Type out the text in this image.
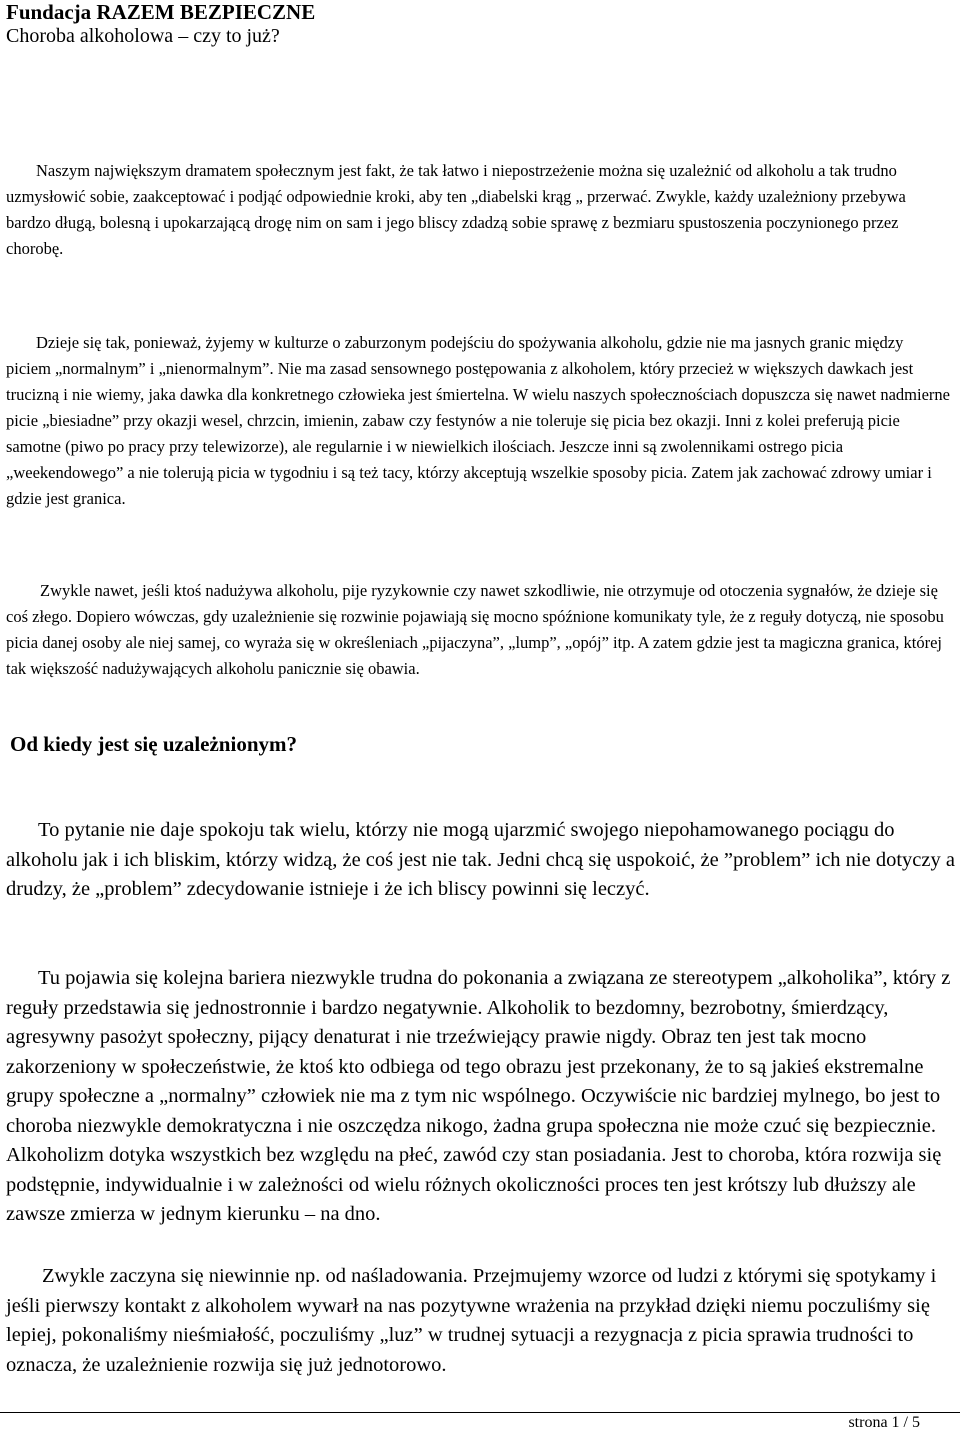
Fundacja RAZEM BEZPIECZNE

Choroba alkoholowa – czy to już?

Naszym największym dramatem społecznym jest fakt, że tak łatwo i niepostrzeżenie można się uzależnić od alkoholu a tak trudno uzmysłowić sobie, zaakceptować i podjąć odpowiednie kroki, aby ten „diabelski krąg „ przerwać. Zwykle, każdy uzależniony przebywa bardzo długą, bolesną i upokarzającą drogę nim on sam i jego bliscy zdadzą sobie sprawę z bezmiaru spustoszenia poczynionego przez chorobę.

Dzieje się tak, ponieważ, żyjemy w kulturze o zaburzonym podejściu do spożywania alkoholu, gdzie nie ma jasnych granic między piciem „normalnym” i „nienormalnym”. Nie ma zasad sensownego postępowania z alkoholem, który przecież w większych dawkach jest trucizną i nie wiemy, jaka dawka dla konkretnego człowieka jest śmiertelna. W wielu naszych społecznościach dopuszcza się nawet nadmierne picie „biesiadne” przy okazji wesel, chrzcin, imienin, zabaw czy festynów a nie toleruje się picia bez okazji. Inni z kolei preferują picie samotne (piwo po pracy przy telewizorze), ale regularnie i w niewielkich ilościach. Jeszcze inni są zwolennikami ostrego picia „weekendowego” a nie tolerują picia w tygodniu i są też tacy, którzy akceptują wszelkie sposoby picia. Zatem jak zachować zdrowy umiar i gdzie jest granica.

Zwykle nawet, jeśli ktoś nadużywa alkoholu, pije ryzykownie czy nawet szkodliwie, nie otrzymuje od otoczenia sygnałów, że dzieje się coś złego. Dopiero wówczas, gdy uzależnienie się rozwinie pojawiają się mocno spóźnione komunikaty tyle, że z reguły dotyczą, nie sposobu picia danej osoby ale niej samej, co wyraża się w określeniach „pijaczyna”, „lump”, „opój” itp. A zatem gdzie jest ta magiczna granica, której tak większość nadużywających alkoholu panicznie się obawia.

Od kiedy jest się uzależnionym?

To pytanie nie daje spokoju tak wielu, którzy nie mogą ujarzmić swojego niepohamowanego pociągu do alkoholu jak i ich bliskim, którzy widzą, że coś jest nie tak. Jedni chcą się uspokoić, że ”problem” ich nie dotyczy a drudzy, że „problem” zdecydowanie istnieje i że ich bliscy powinni się leczyć.

Tu pojawia się kolejna bariera niezwykle trudna do pokonania a związana ze stereotypem „alkoholika”, który z reguły przedstawia się jednostronnie i bardzo negatywnie. Alkoholik to bezdomny, bezrobotny, śmierdzący, agresywny pasożyt społeczny, pijący denaturat i nie trzeźwiejący prawie nigdy. Obraz ten jest tak mocno zakorzeniony w społeczeństwie, że ktoś kto odbiega od tego obrazu jest przekonany, że to są jakieś ekstremalne grupy społeczne a „normalny” człowiek nie ma z tym nic wspólnego. Oczywiście nic bardziej mylnego, bo jest to choroba niezwykle demokratyczna i nie oszczędza nikogo, żadna grupa społeczna nie może czuć się bezpiecznie. Alkoholizm dotyka wszystkich bez względu na płeć, zawód czy stan posiadania. Jest to choroba, która rozwija się podstępnie, indywidualnie i w zależności od wielu różnych okoliczności proces ten jest krótszy lub dłuższy ale zawsze zmierza w jednym kierunku – na dno.

Zwykle zaczyna się niewinnie np. od naśladowania. Przejmujemy wzorce od ludzi z którymi się spotykamy i jeśli pierwszy kontakt z alkoholem wywarł na nas pozytywne wrażenia na przykład dzięki niemu poczuliśmy się lepiej, pokonaliśmy nieśmiałość, poczuliśmy „luz” w trudnej sytuacji a rezygnacja z picia sprawia trudności to oznacza, że uzależnienie rozwija się już jednotorowo.

strona 1 / 5
